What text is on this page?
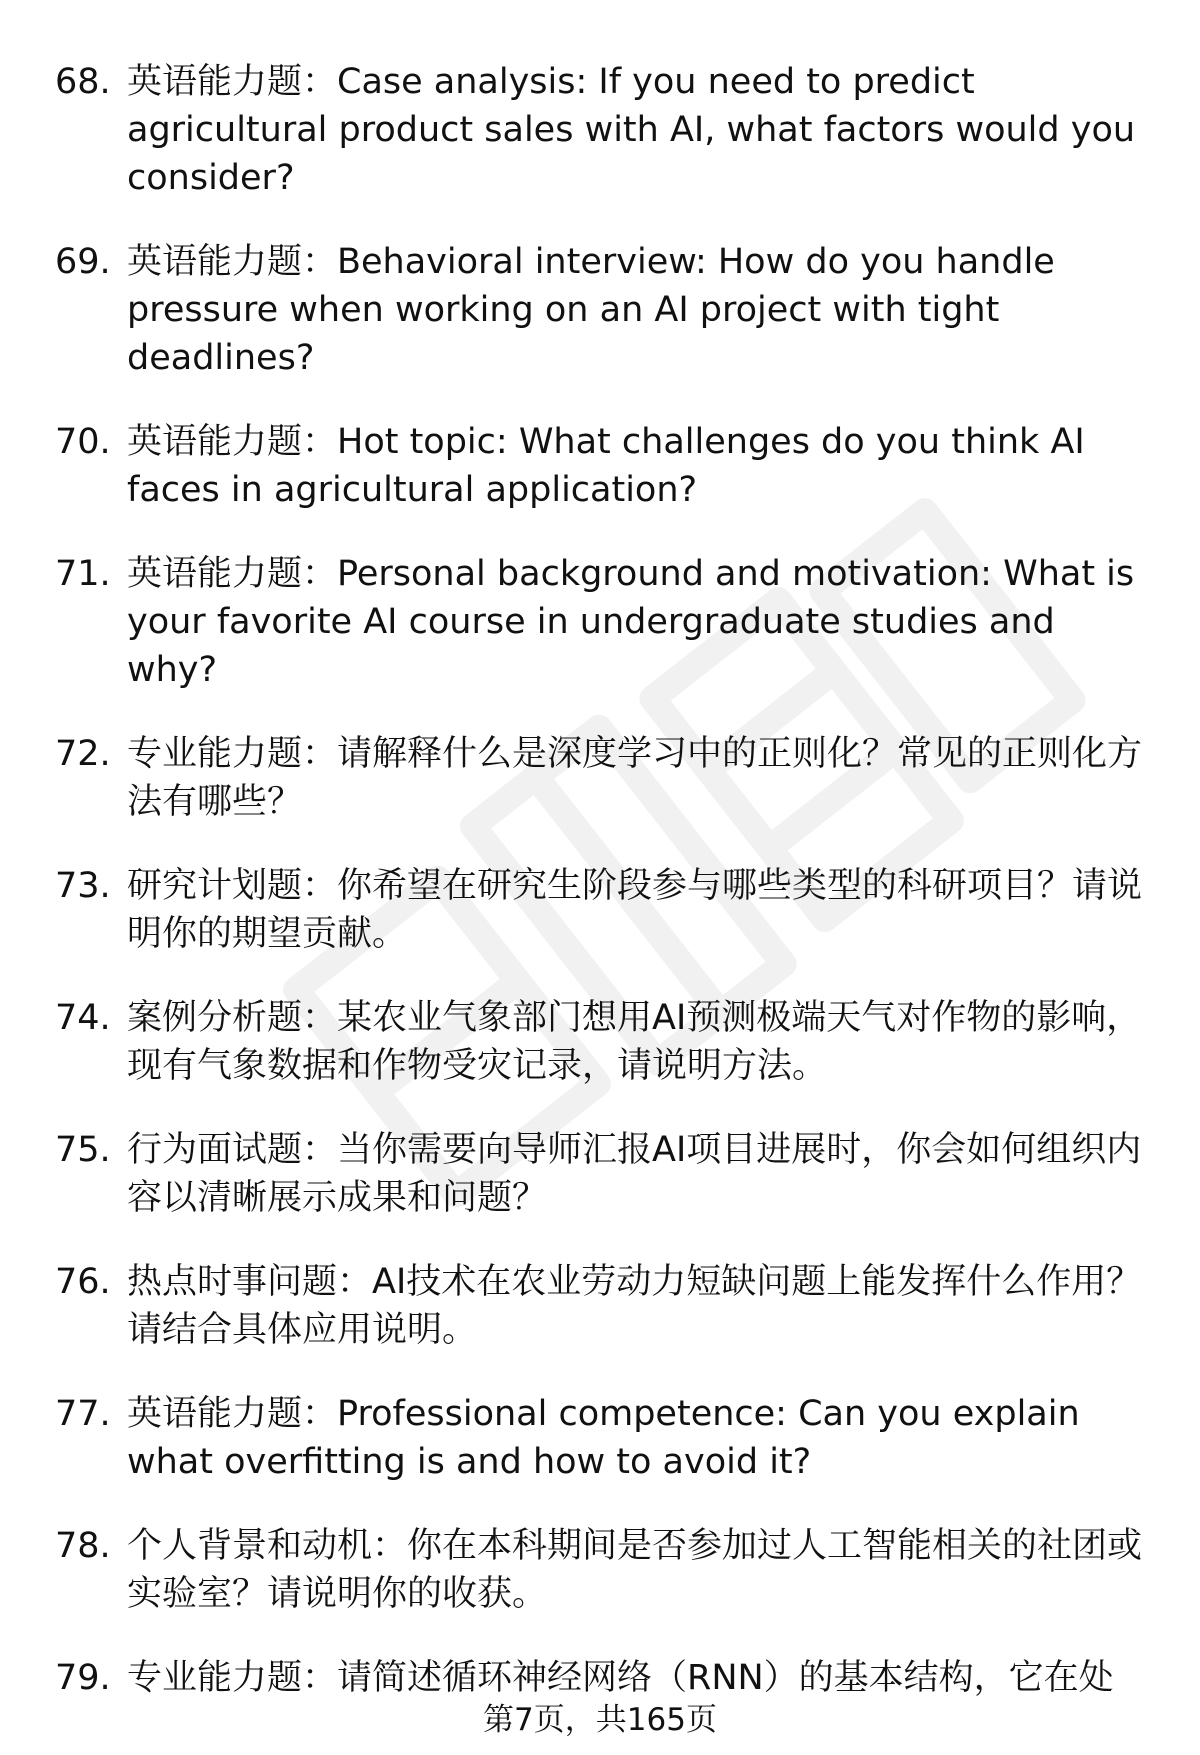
68. 英语能力题：Case analysis: If you need to predict agricultural product sales with AI, what factors would you consider?
69. 英语能力题：Behavioral interview: How do you handle pressure when working on an AI project with tight deadlines?
70. 英语能力题：Hot topic: What challenges do you think AI faces in agricultural application?
71. 英语能力题：Personal background and motivation: What is your favorite AI course in undergraduate studies and why?
72. 专业能力题：请解释什么是深度学习中的正则化？常见的正则化方法有哪些？
73. 研究计划题：你希望在研究生阶段参与哪些类型的科研项目？请说明你的期望贡献。
74. 案例分析题：某农业气象部门想用AI预测极端天气对作物的影响，现有气象数据和作物受灾记录，请说明方法。
75. 行为面试题：当你需要向导师汇报AI项目进展时，你会如何组织内容以清晰展示成果和问题？
76. 热点时事问题：AI技术在农业劳动力短缺问题上能发挥什么作用？请结合具体应用说明。
77. 英语能力题：Professional competence: Can you explain what overfitting is and how to avoid it?
78. 个人背景和动机：你在本科期间是否参加过人工智能相关的社团或实验室？请说明你的收获。
79. 专业能力题：请简述循环神经网络（RNN）的基本结构，它在处
第7页，共165页
